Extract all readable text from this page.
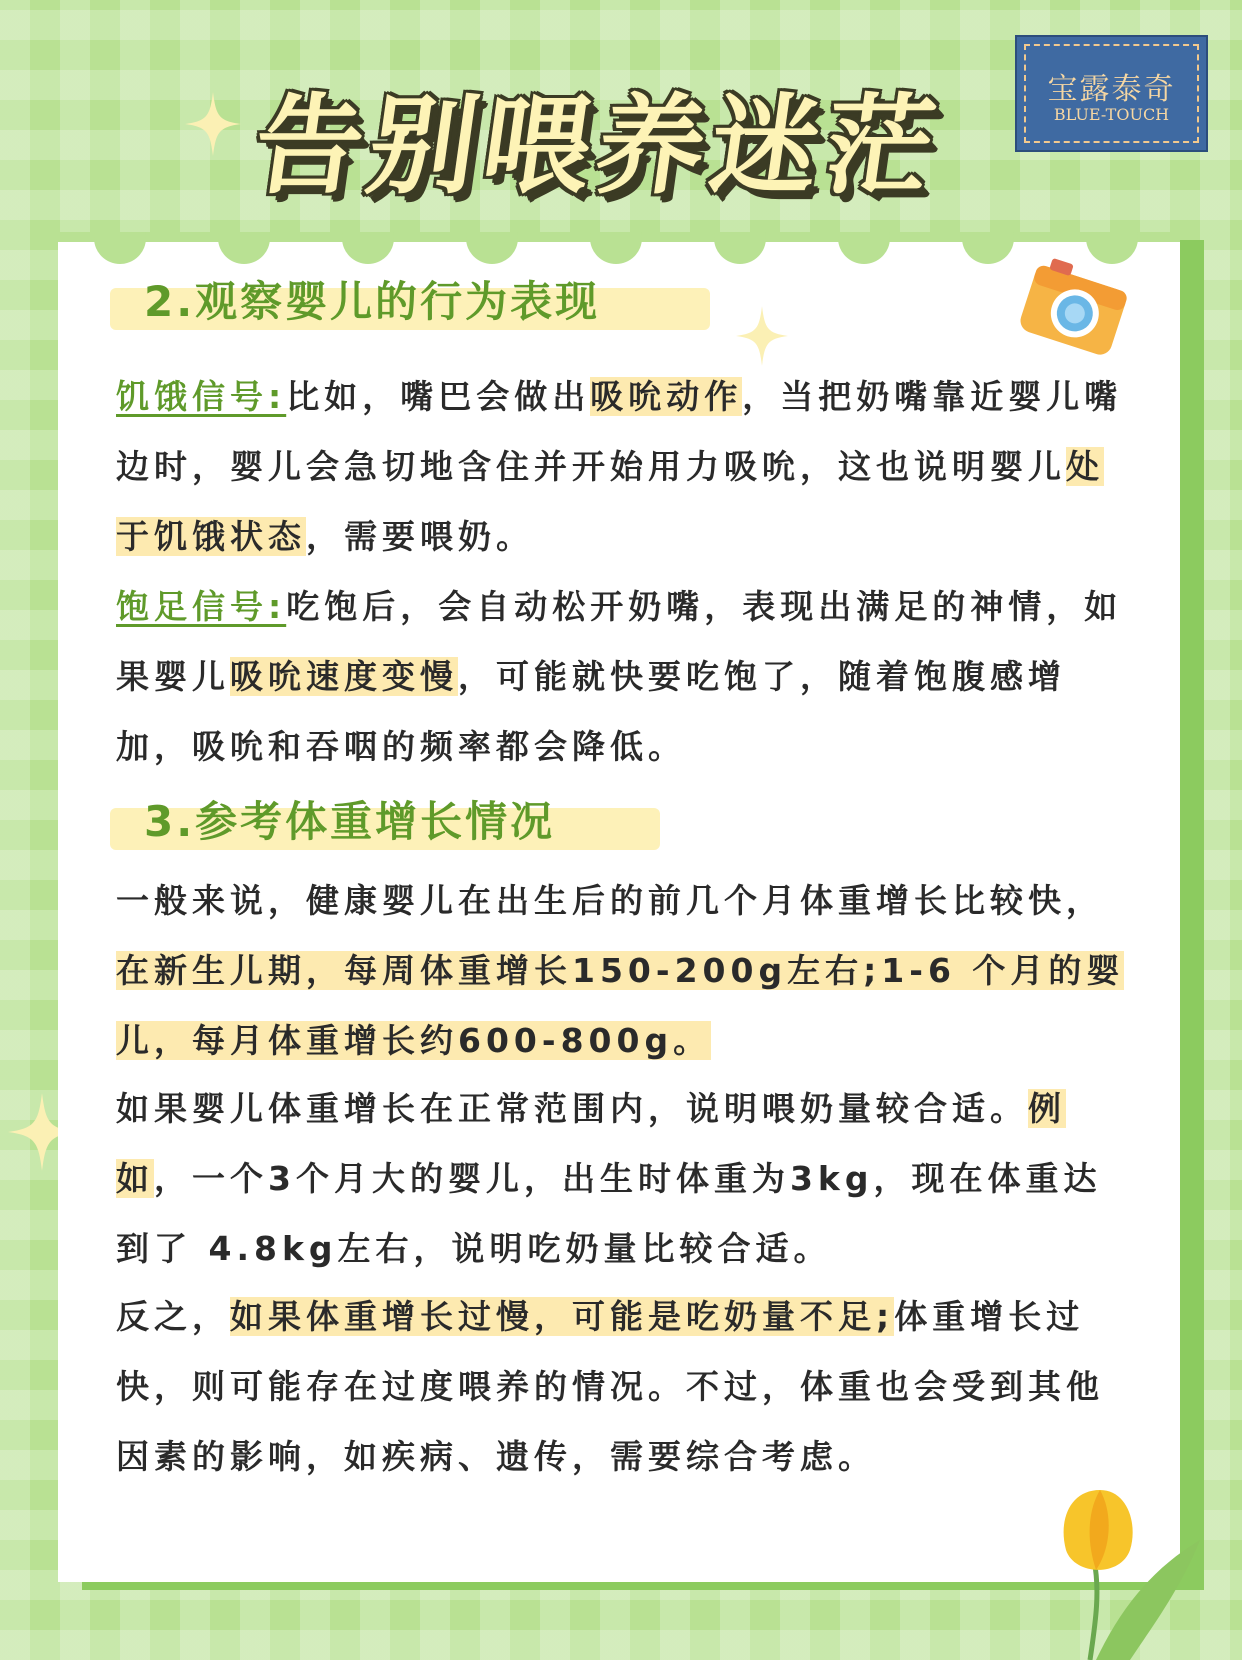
告别喂养迷茫	宝露泰奇
BLUE-TOUCH
2.观察婴儿的行为表现
饥饿信号:比如，嘴巴会做出吸吮动作，当把奶嘴靠近婴儿嘴边时，婴儿会急切地含住并开始用力吸吮，这也说明婴儿处于饥饿状态，需要喂奶。
饱足信号:吃饱后，会自动松开奶嘴，表现出满足的神情，如果婴儿吸吮速度变慢，可能就快要吃饱了，随着饱腹感增加，吸吮和吞咽的频率都会降低。
3.参考体重增长情况
一般来说，健康婴儿在出生后的前几个月体重增长比较快，在新生儿期，每周体重增长150-200g左右;1-6 个月的婴儿，每月体重增长约600-800g。
如果婴儿体重增长在正常范围内，说明喂奶量较合适。例如，一个3个月大的婴儿，出生时体重为3kg，现在体重达到了 4.8kg左右，说明吃奶量比较合适。
反之，如果体重增长过慢，可能是吃奶量不足;体重增长过快，则可能存在过度喂养的情况。不过，体重也会受到其他因素的影响，如疾病、遗传，需要综合考虑。
